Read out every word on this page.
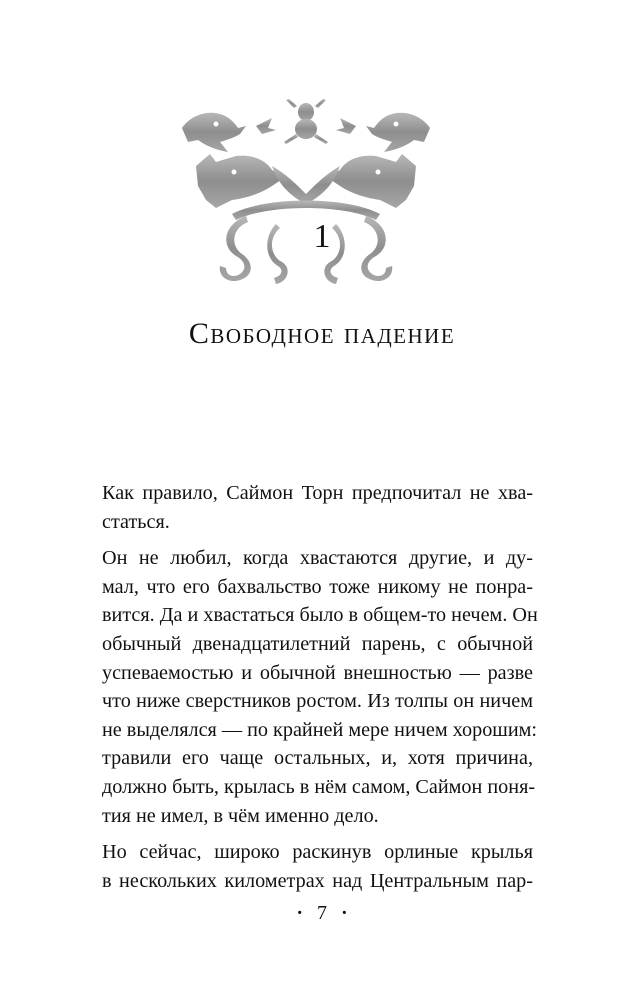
1
Свободное падение
Как правило, Саймон Торн предпочитал не хва-
статься.
Он не любил, когда хвастаются другие, и ду-
мал, что его бахвальство тоже никому не понра-
вится. Да и хвастаться было в общем-то нечем. Он
обычный двенадцатилетний парень, с обычной
успеваемостью и обычной внешностью — разве
что ниже сверстников ростом. Из толпы он ничем
не выделялся — по крайней мере ничем хорошим:
травили его чаще остальных, и, хотя причина,
должно быть, крылась в нём самом, Саймон поня-
тия не имел, в чём именно дело.
Но сейчас, широко раскинув орлиные крылья
в нескольких километрах над Центральным пар-
· 7 ·
